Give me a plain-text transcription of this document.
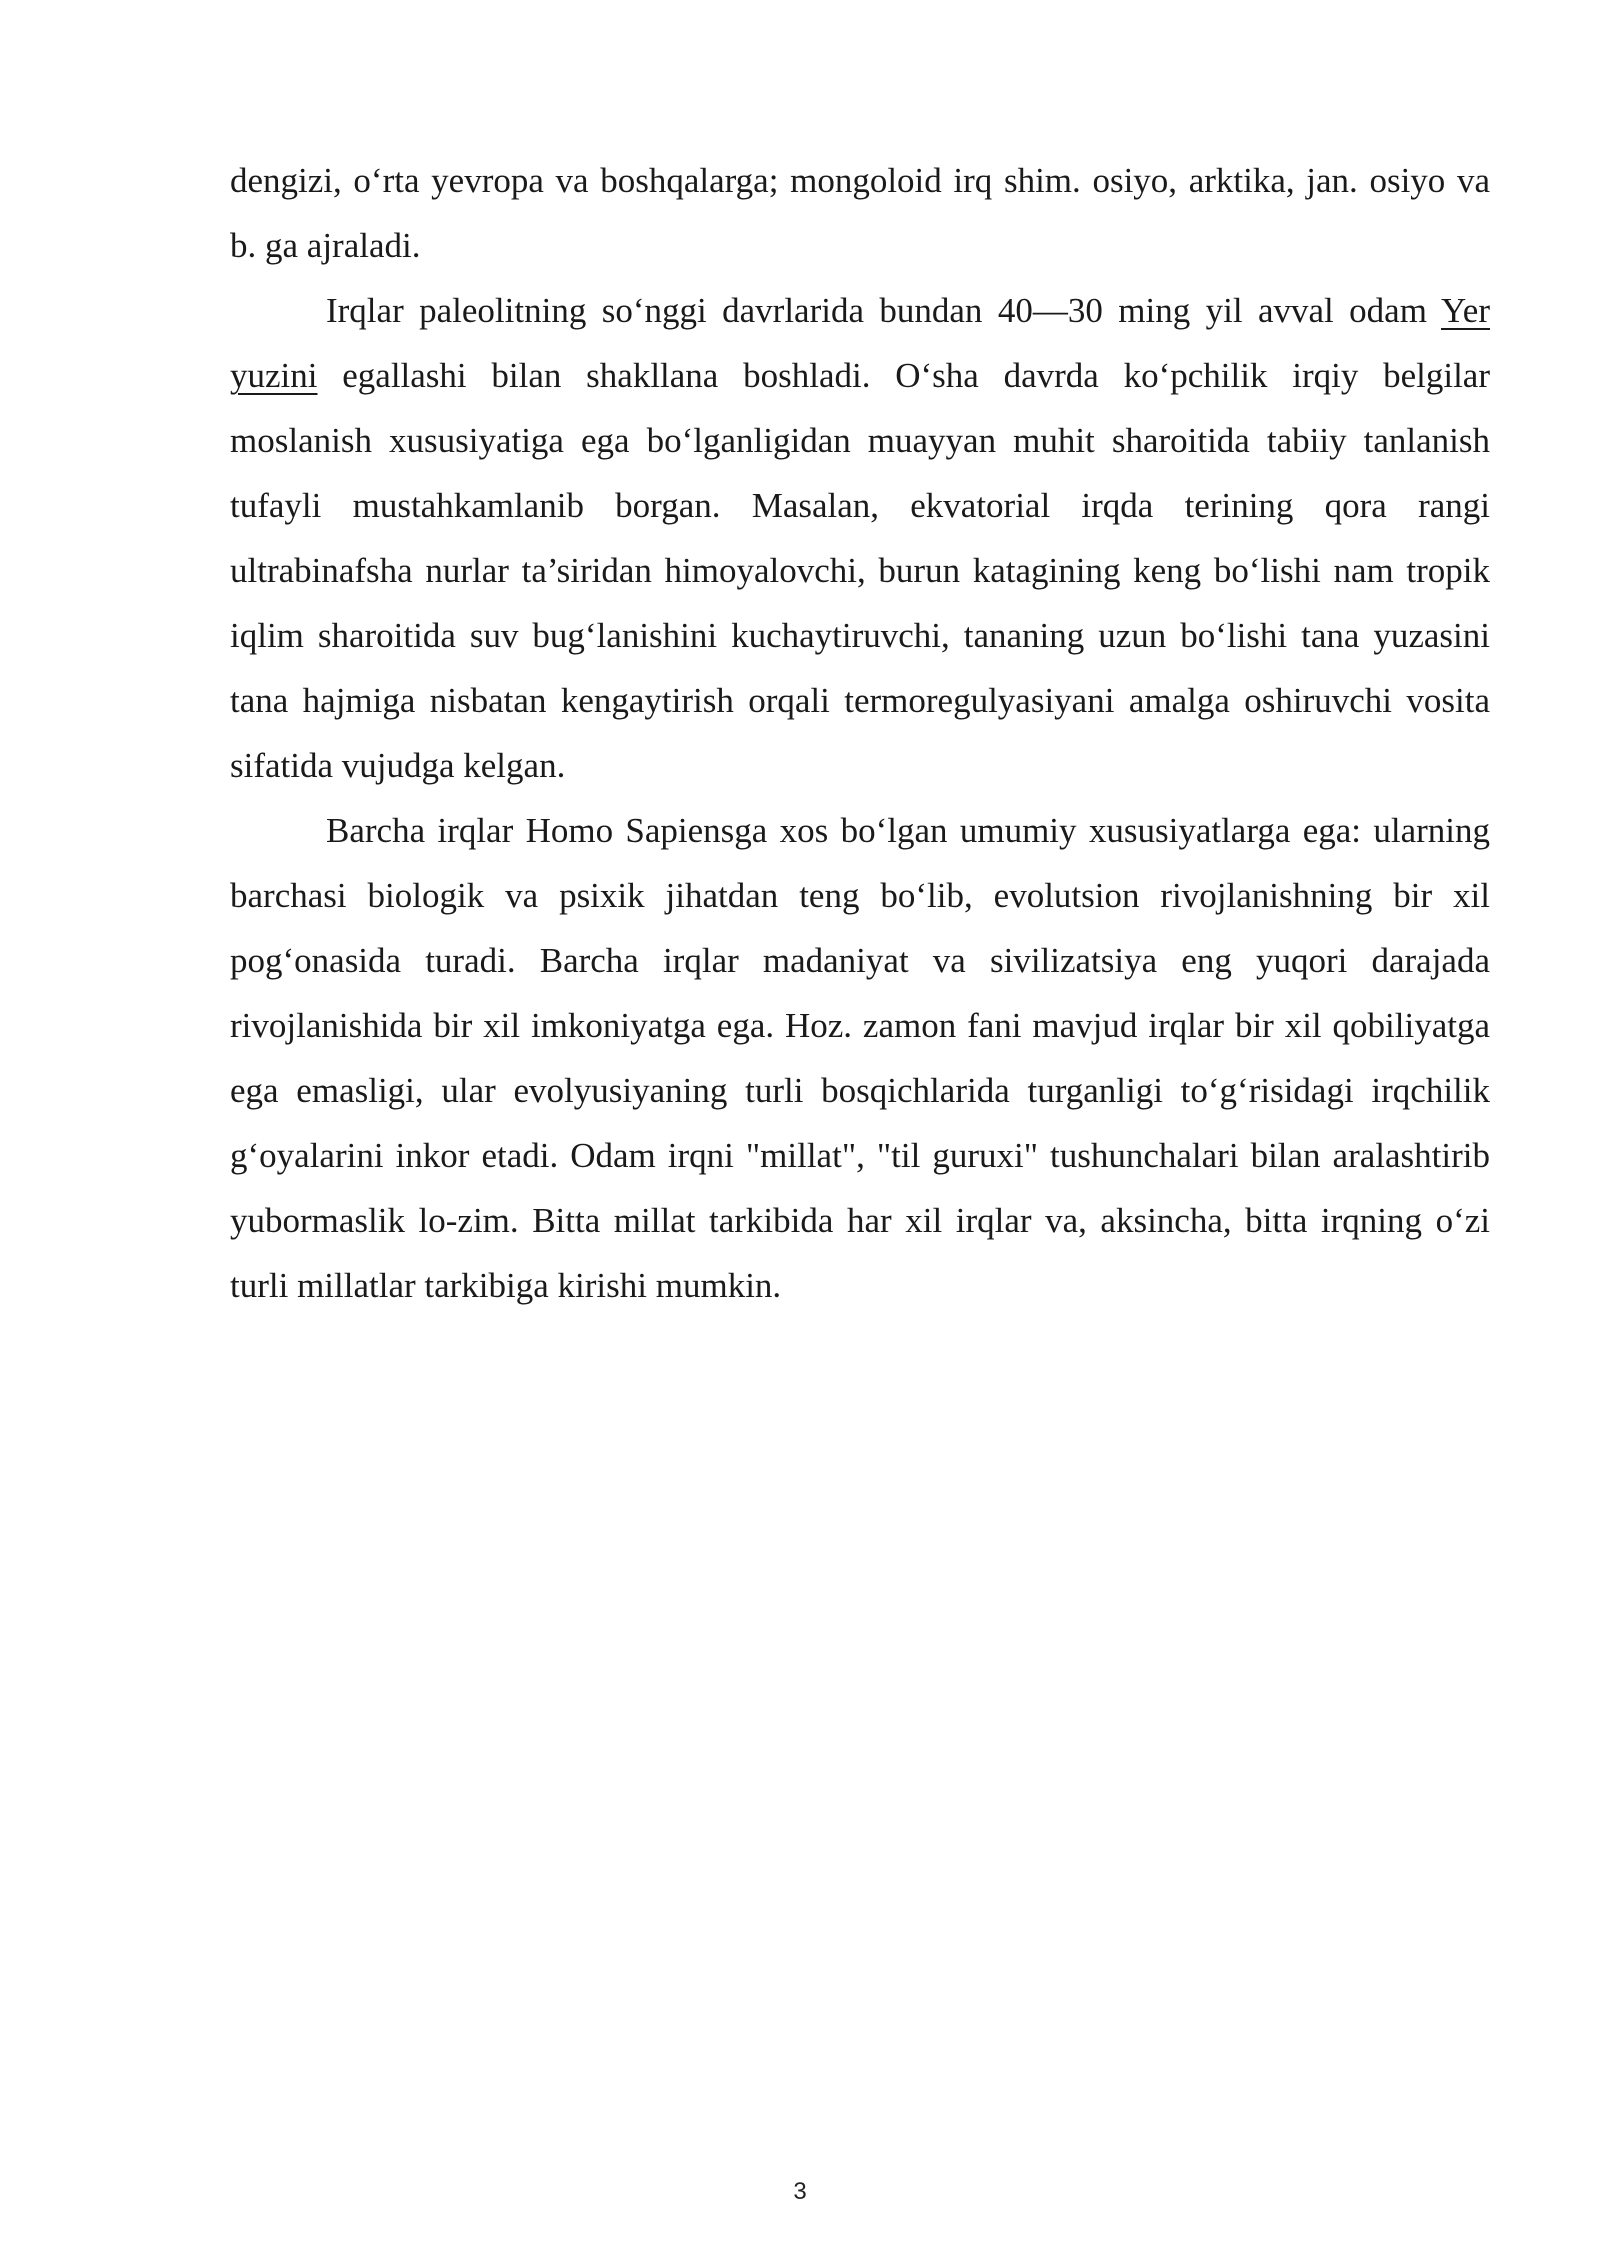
dengizi, o‘rta yevropa va boshqalarga; mongoloid irq shim. osiyo, arktika, jan. osiyo va b. ga ajraladi.

Irqlar paleolitning so‘nggi davrlarida bundan 40—30 ming yil avval odam Yer yuzini egallashi bilan shakllana boshladi. O‘sha davrda ko‘pchilik irqiy belgilar moslanish xususiyatiga ega bo‘lganligidan muayyan muhit sharoitida tabiiy tanlanish tufayli mustahkamlanib borgan. Masalan, ekvatorial irqda terining qora rangi ultrabinafsha nurlar ta’siridan himoyalovchi, burun katagining keng bo‘lishi nam tropik iqlim sharoitida suv bug‘lanishini kuchaytiruvchi, tananing uzun bo‘lishi tana yuzasini tana hajmiga nisbatan kengaytirish orqali termoregulyasiyani amalga oshiruvchi vosita sifatida vujudga kelgan.

Barcha irqlar Homo Sapiensga xos bo‘lgan umumiy xususiyatlarga ega: ularning barchasi biologik va psixik jihatdan teng bo‘lib, evolutsion rivojlanishning bir xil pog‘onasida turadi. Barcha irqlar madaniyat va sivilizatsiya eng yuqori darajada rivojlanishida bir xil imkoniyatga ega. Hoz. zamon fani mavjud irqlar bir xil qobiliyatga ega emasligi, ular evolyusiyaning turli bosqichlarida turganligi to‘g‘risidagi irqchilik g‘oyalarini inkor etadi. Odam irqni "millat", "til guruxi" tushunchalari bilan aralashtirib yubormaslik lo-zim. Bitta millat tarkibida har xil irqlar va, aksincha, bitta irqning o‘zi turli millatlar tarkibiga kirishi mumkin.

3
